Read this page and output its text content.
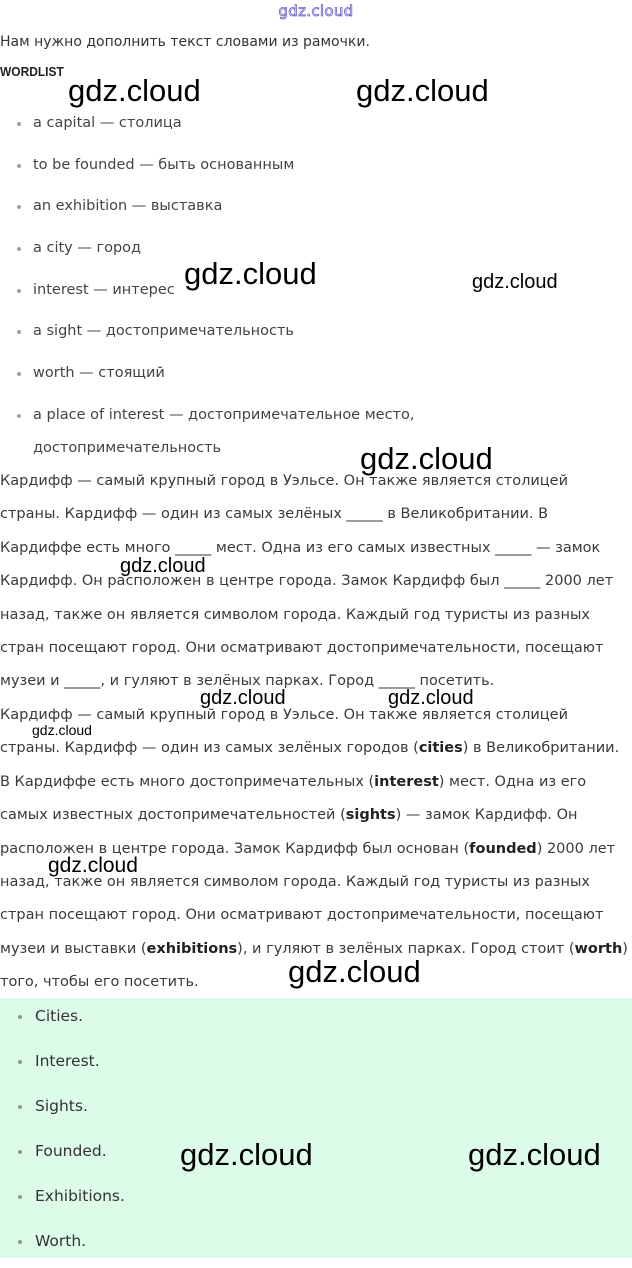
gdz.cloud
Нам нужно дополнить текст словами из рамочки.
WORDLIST
a capital — столица
to be founded — быть основанным
an exhibition — выставка
a city — город
interest — интерес
a sight — достопримечательность
worth — стоящий
a place of interest — достопримечательное место, достопримечательность
Кардифф — самый крупный город в Уэльсе. Он также является столицей
страны. Кардифф — один из самых зелёных _____ в Великобритании. В
Кардиффе есть много _____ мест. Одна из его самых известных _____ — замок
Кардифф. Он расположен в центре города. Замок Кардифф был _____ 2000 лет
назад, также он является символом города. Каждый год туристы из разных
стран посещают город. Они осматривают достопримечательности, посещают
музеи и _____, и гуляют в зелёных парках. Город _____ посетить.
Кардифф — самый крупный город в Уэльсе. Он также является столицей
страны. Кардифф — один из самых зелёных городов (cities) в Великобритании.
В Кардиффе есть много достопримечательных (interest) мест. Одна из его
самых известных достопримечательностей (sights) — замок Кардифф. Он
расположен в центре города. Замок Кардифф был основан (founded) 2000 лет
назад, также он является символом города. Каждый год туристы из разных
стран посещают город. Они осматривают достопримечательности, посещают
музеи и выставки (exhibitions), и гуляют в зелёных парках. Город стоит (worth)
того, чтобы его посетить.
Cities.
Interest.
Sights.
Founded.
Exhibitions.
Worth.
gdz.cloud	gdz.cloud
gdz.cloud	gdz.cloud
gdz.cloud
gdz.cloud	gdz.cloud
gdz.cloud
gdz.cloud
gdz.cloud
gdz.cloud
gdz.cloud	gdz.cloud
